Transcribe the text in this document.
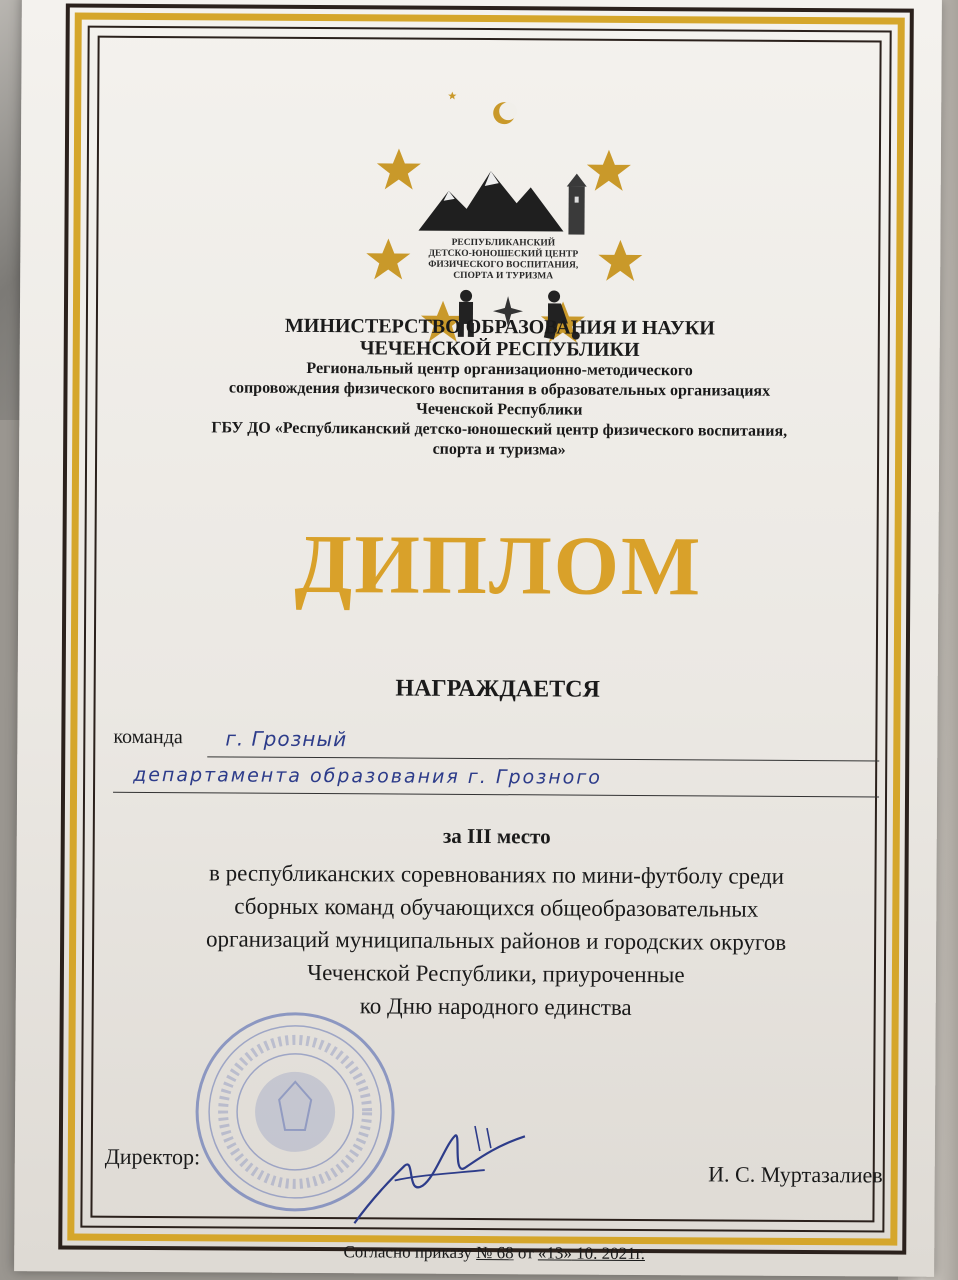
РЕСПУБЛИКАНСКИЙ
ДЕТСКО-ЮНОШЕСКИЙ ЦЕНТР
ФИЗИЧЕСКОГО ВОСПИТАНИЯ,
СПОРТА И ТУРИЗМА

МИНИСТЕРСТВО ОБРАЗОВАНИЯ И НАУКИ

ЧЕЧЕНСКОЙ РЕСПУБЛИКИ

Региональный центр организационно-методического

сопровождения физического воспитания в образовательных организациях

Чеченской Республики

ГБУ ДО «Республиканский детско-юношеский центр физического воспитания,

спорта и туризма»

ДИПЛОМ
НАГРАЖДАЕТСЯ
команда г. Грозный
департамента образования г. Грозного
за III место

в республиканских соревнованиях по мини-футболу среди

сборных команд обучающихся общеобразовательных

организаций муниципальных районов и городских округов

Чеченской Республики, приуроченные

ко Дню народного единства

Директор:
И. С. Муртазалиев
Согласно приказу № 68 от «13» 10. 2021г.
